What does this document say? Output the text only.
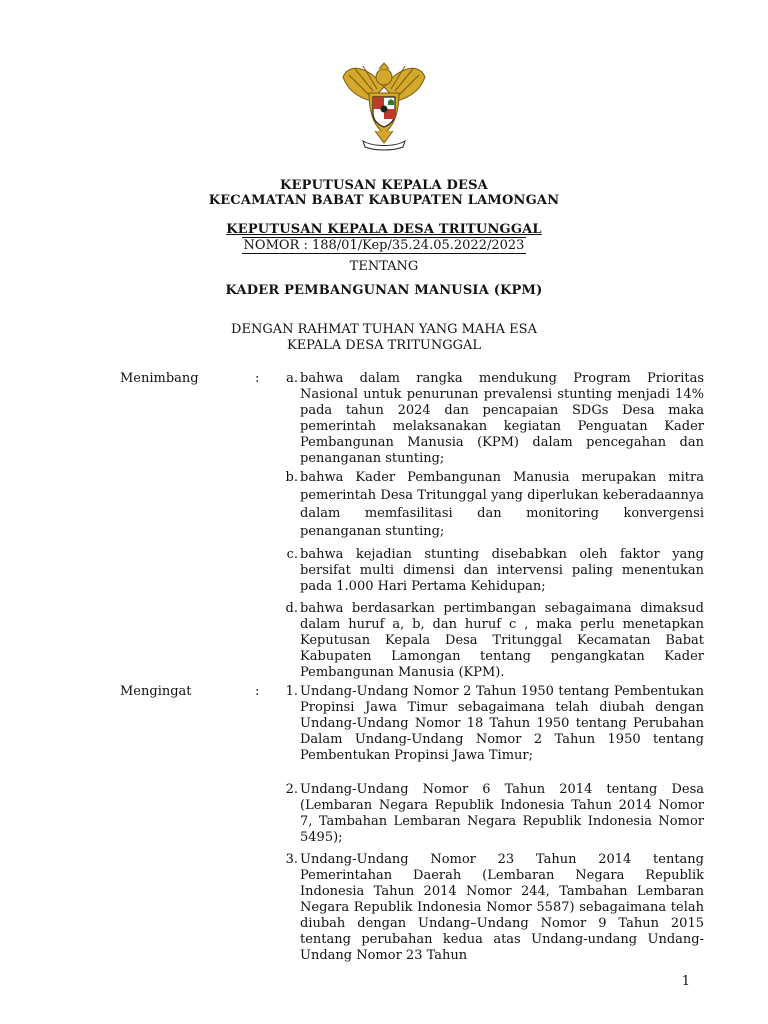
KEPUTUSAN KEPALA DESA
KECAMATAN BABAT KABUPATEN LAMONGAN
KEPUTUSAN KEPALA DESA TRITUNGGAL
NOMOR : 188/01/Kep/35.24.05.2022/2023
TENTANG
KADER PEMBANGUNAN MANUSIA (KPM)
DENGAN RAHMAT TUHAN YANG MAHA ESA
KEPALA DESA TRITUNGGAL
Menimbang	:	a. bahwa dalam rangka mendukung Program Prioritas Nasional untuk penurunan prevalensi stunting menjadi 14% pada tahun 2024 dan pencapaian SDGs Desa maka pemerintah melaksanakan kegiatan Penguatan Kader Pembangunan Manusia (KPM) dalam pencegahan dan penanganan stunting;
b. bahwa Kader Pembangunan Manusia merupakan mitra pemerintah Desa Tritunggal yang diperlukan keberadaannya dalam memfasilitasi dan monitoring konvergensi penanganan stunting;
c. bahwa kejadian stunting disebabkan oleh faktor yang bersifat multi dimensi dan intervensi paling menentukan pada 1.000 Hari Pertama Kehidupan;
d. bahwa berdasarkan pertimbangan sebagaimana dimaksud dalam huruf a, b, dan huruf c , maka perlu menetapkan Keputusan Kepala Desa Tritunggal Kecamatan Babat Kabupaten Lamongan tentang pengangkatan Kader Pembangunan Manusia (KPM).
Mengingat	:	1. Undang-Undang Nomor 2 Tahun 1950 tentang Pembentukan Propinsi Jawa Timur sebagaimana telah diubah dengan Undang-Undang Nomor 18 Tahun 1950 tentang Perubahan Dalam Undang-Undang Nomor 2 Tahun 1950 tentang Pembentukan Propinsi Jawa Timur;
2. Undang-Undang Nomor 6 Tahun 2014 tentang Desa (Lembaran Negara Republik Indonesia Tahun 2014 Nomor 7, Tambahan Lembaran Negara Republik Indonesia Nomor 5495);
3. Undang-Undang Nomor 23 Tahun 2014 tentang Pemerintahan Daerah (Lembaran Negara Republik Indonesia Tahun 2014 Nomor 244, Tambahan Lembaran Negara Republik Indonesia Nomor 5587) sebagaimana telah diubah dengan Undang–Undang Nomor 9 Tahun 2015 tentang perubahan kedua atas Undang-undang Undang-Undang Nomor 23 Tahun
1
